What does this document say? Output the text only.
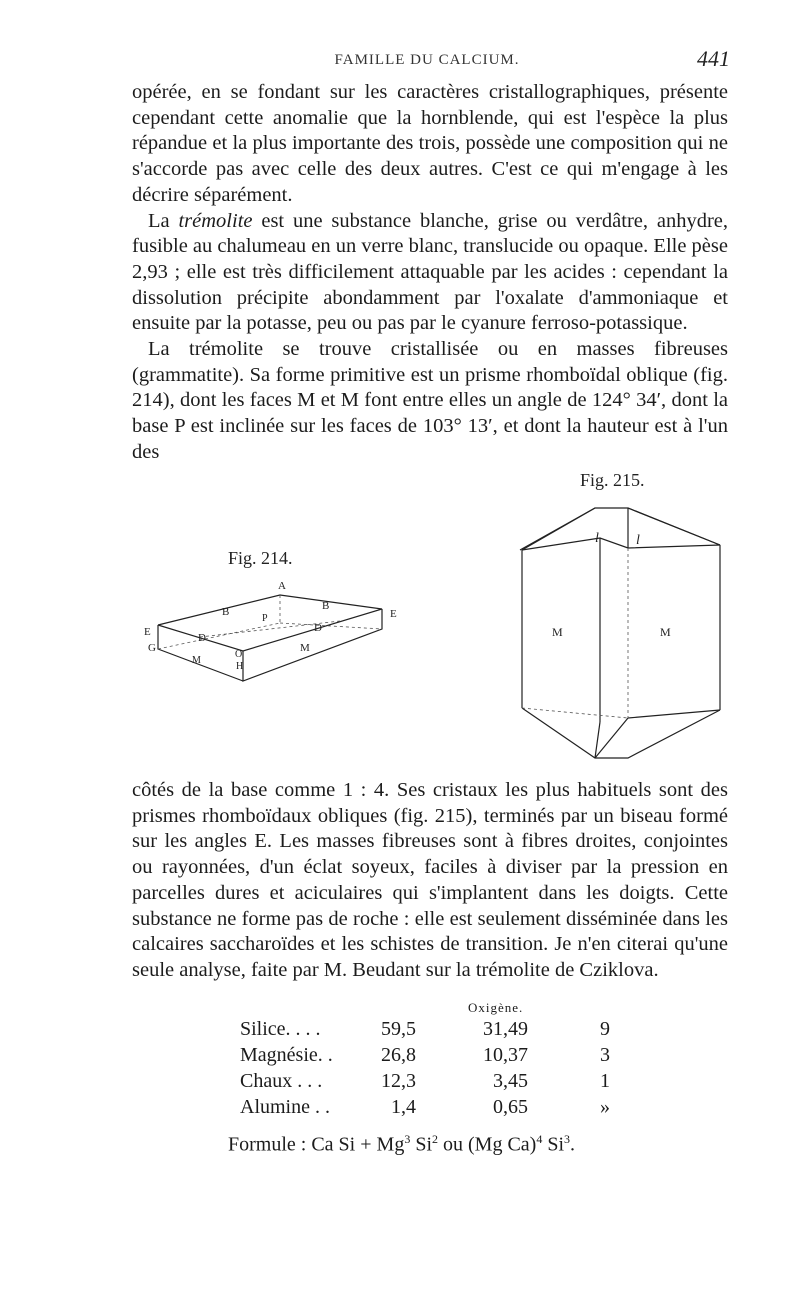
FAMILLE DU CALCIUM.	441

opérée, en se fondant sur les caractères cristallographiques, présente cependant cette anomalie que la hornblende, qui est l'espèce la plus répandue et la plus importante des trois, possède une composition qui ne s'accorde pas avec celle des deux autres. C'est ce qui m'engage à les décrire séparément.

La trémolite est une substance blanche, grise ou verdâtre, anhydre, fusible au chalumeau en un verre blanc, translucide ou opaque. Elle pèse 2,93 ; elle est très difficilement attaquable par les acides : cependant la dissolution précipite abondamment par l'oxalate d'ammoniaque et ensuite par la potasse, peu ou pas par le cyanure ferroso-potassique.

La trémolite se trouve cristallisée ou en masses fibreuses (grammatite). Sa forme primitive est un prisme rhomboïdal oblique (fig. 214), dont les faces M et M font entre elles un angle de 124° 34′, dont la base P est inclinée sur les faces de 103° 13′, et dont la hauteur est à l'un des

Fig. 214.
A
B	B
E
E
P
D
D
G
M
M
O
H
Fig. 215.
l	l
M	M

côtés de la base comme 1 : 4. Ses cristaux les plus habituels sont des prismes rhomboïdaux obliques (fig. 215), terminés par un biseau formé sur les angles E. Les masses fibreuses sont à fibres droites, conjointes ou rayonnées, d'un éclat soyeux, faciles à diviser par la pression en parcelles dures et aciculaires qui s'implantent dans les doigts. Cette substance ne forme pas de roche : elle est seulement disséminée dans les calcaires saccharoïdes et les schistes de transition. Je n'en citerai qu'une seule analyse, faite par M. Beudant sur la trémolite de Cziklova.

Oxigène.
Silice. . . .	59,5	31,49	9
Magnésie. . 26,8	10,37	3
Chaux . . .	12,3	3,45	1
Alumine . .	1,4	0,65	»
Formule : Ca $Si + Mg^3$ Si$^2$ ou (Mg Ca)$^4$ Si$^3$.
